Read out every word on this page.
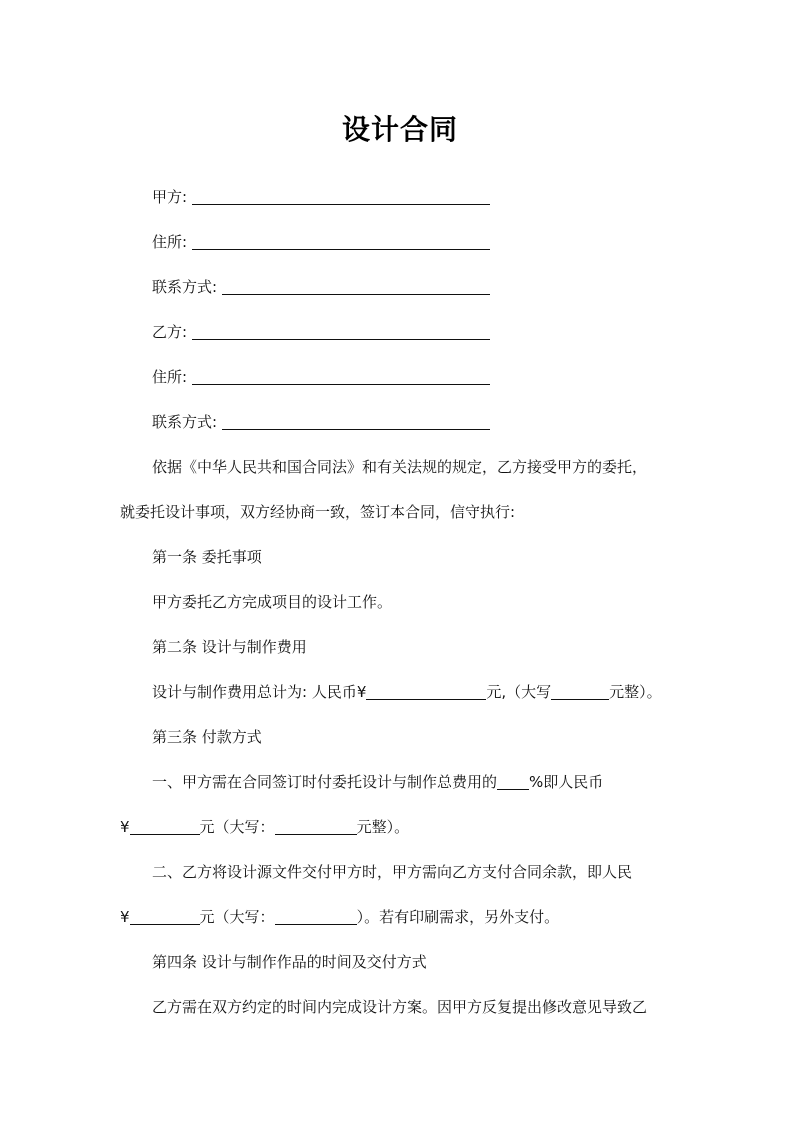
设计合同
甲方:
住所:
联系方式:
乙方:
住所:
联系方式:
依据《中华人民共和国合同法》和有关法规的规定，乙方接受甲方的委托，
就委托设计事项，双方经协商一致，签订本合同，信守执行:
第一条 委托事项
甲方委托乙方完成项目的设计工作。
第二条 设计与制作费用
设计与制作费用总计为: 人民币¥	元,（大写	元整）。
第三条 付款方式
一、甲方需在合同签订时付委托设计与制作总费用的 %即人民币
¥	元（大写：	元整）。
二、乙方将设计源文件交付甲方时，甲方需向乙方支付合同余款，即人民
¥	元（大写：	）。若有印刷需求，另外支付。
第四条 设计与制作作品的时间及交付方式
乙方需在双方约定的时间内完成设计方案。因甲方反复提出修改意见导致乙
